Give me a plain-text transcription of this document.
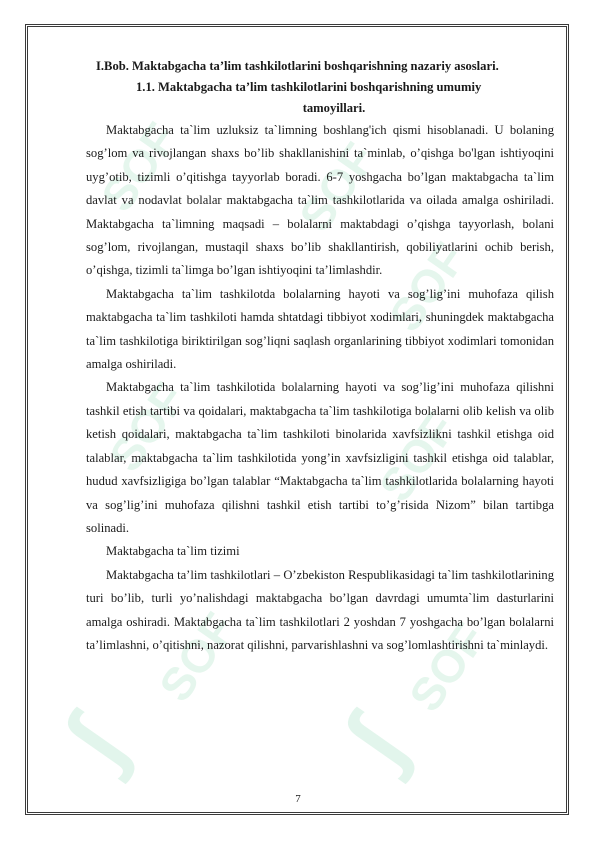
SOF SOF
SOF
SOF	SOF
SOF	SOF
ʃ ʃ
I.Bob. Maktabgacha ta’lim tashkilotlarini boshqarishning nazariy asoslari.
1.1. Maktabgacha ta’lim tashkilotlarini boshqarishning umumiy
tamoyillari.

Maktabgacha ta`lim uzluksiz ta`limning boshlang'ich qismi hisoblanadi. U bolaning sog’lom va rivojlangan shaxs bo’lib shakllanishini ta`minlab, o’qishga bo'lgan ishtiyoqini uyg’otib, tizimli o’qitishga tayyorlab boradi. 6-7 yoshgacha bo’lgan maktabgacha ta`lim davlat va nodavlat bolalar maktabgacha ta`lim tashkilotlarida va oilada amalga oshiriladi. Maktabgacha ta`limning maqsadi – bolalarni maktabdagi o’qishga tayyorlash, bolani sog’lom, rivojlangan, mustaqil shaxs bo’lib shakllantirish, qobiliyatlarini ochib berish, o’qishga, tizimli ta`limga bo’lgan ishtiyoqini ta’limlashdir.

Maktabgacha ta`lim tashkilotda bolalarning hayoti va sog’lig’ini muhofaza qilish maktabgacha ta`lim tashkiloti hamda shtatdagi tibbiyot xodimlari, shuningdek maktabgacha ta`lim tashkilotiga biriktirilgan sog’liqni saqlash organlarining tibbiyot xodimlari tomonidan amalga oshiriladi.

Maktabgacha ta`lim tashkilotida bolalarning hayoti va sog’lig’ini muhofaza qilishni tashkil etish tartibi va qoidalari, maktabgacha ta`lim tashkilotiga bolalarni olib kelish va olib ketish qoidalari, maktabgacha ta`lim tashkiloti binolarida xavfsizlikni tashkil etishga oid talablar, maktabgacha ta`lim tashkilotida yong’in xavfsizligini tashkil etishga oid talablar, hudud xavfsizligiga bo’lgan talablar “Maktabgacha ta`lim tashkilotlarida bolalarning hayoti va sog’lig’ini muhofaza qilishni tashkil etish tartibi to’g’risida Nizom” bilan tartibga solinadi.

Maktabgacha ta`lim tizimi

Maktabgacha ta’lim tashkilotlari – O’zbekiston Respublikasidagi ta`lim tashkilotlarining turi bo’lib, turli yo’nalishdagi maktabgacha bo’lgan davrdagi umumta`lim dasturlarini amalga oshiradi. Maktabgacha ta`lim tashkilotlari 2 yoshdan 7 yoshgacha bo’lgan bolalarni ta’limlashni, o’qitishni, nazorat qilishni, parvarishlashni va sog’lomlashtirishni ta`minlaydi.

7
